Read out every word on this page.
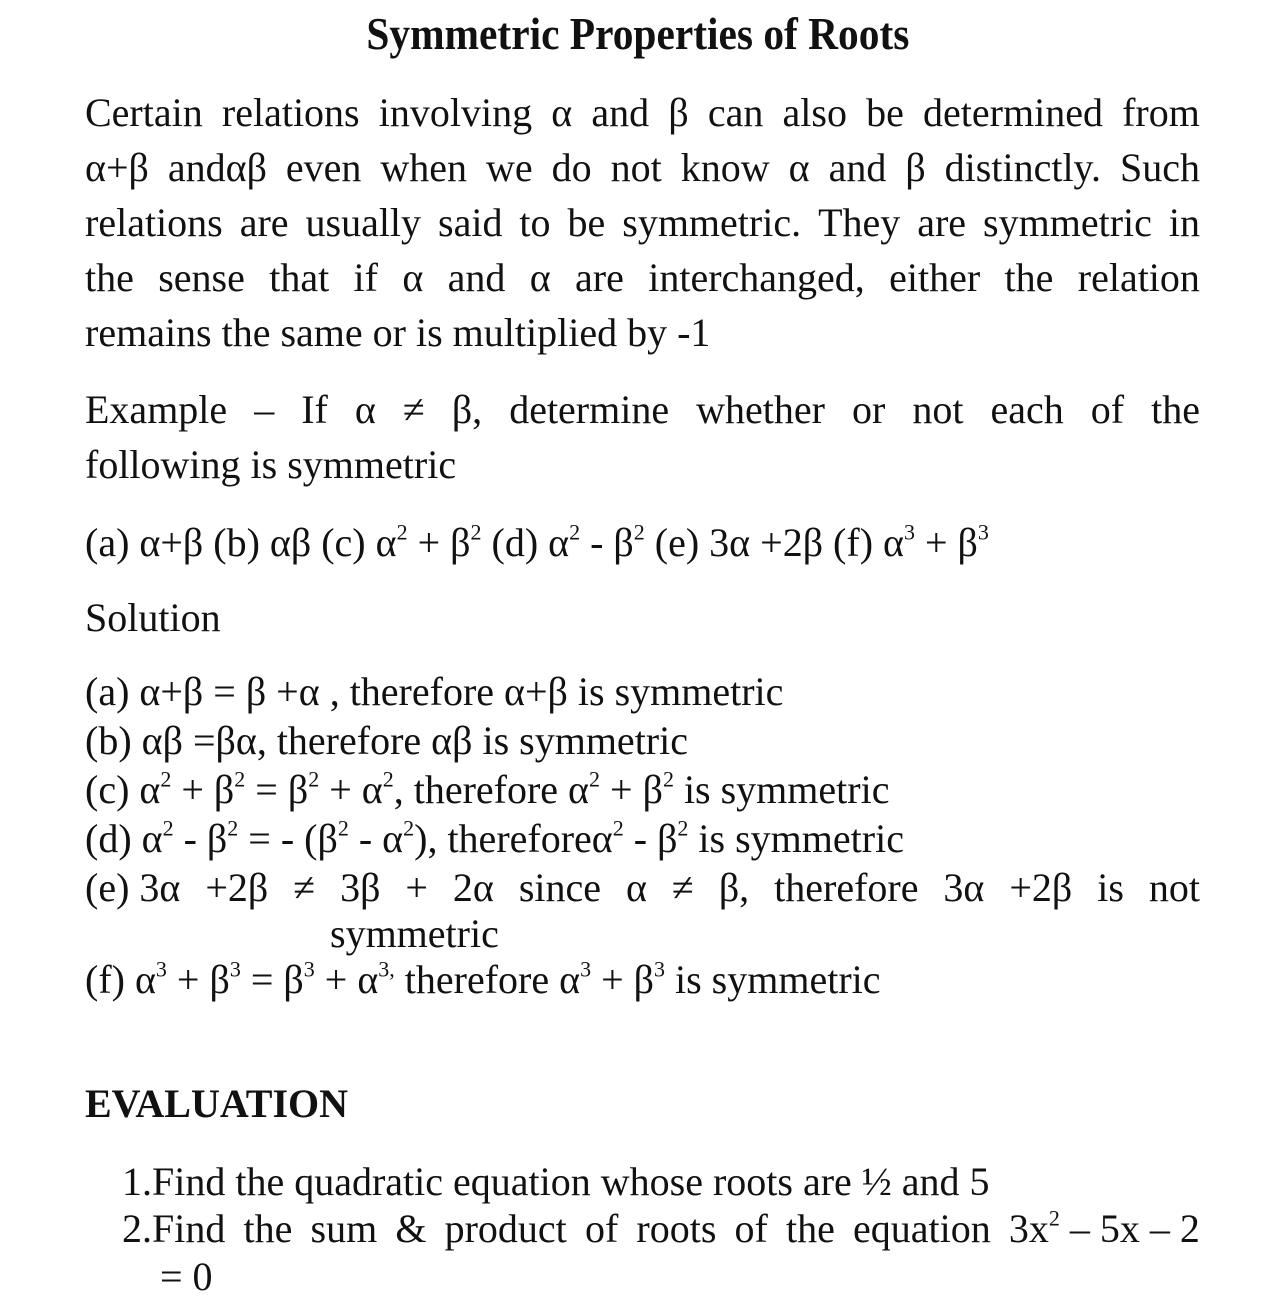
Symmetric Properties of Roots
Certain relations involving α and β can also be determined from
α+β andαβ even when we do not know α and β distinctly. Such
relations are usually said to be symmetric. They are symmetric in
the sense that if α and α are interchanged, either the relation
remains the same or is multiplied by -1
Example – If α ≠ β, determine whether or not each of the
following is symmetric
(a) α+β (b) αβ (c) $\alpha^2 + \beta^2$ (d) $\alpha^2 - \beta^2$ (e) 3α +2β (f) $\alpha^3 + \beta^3$
Solution
(a) α+β = β +α , therefore α+β is symmetric
(b) αβ =βα, therefore αβ is symmetric
(c) $\alpha^2 + \beta^2 = \beta^2 + \alpha^2$, therefore $\alpha^2 + \beta^2$ is symmetric
(d) $\alpha^2 - \beta^2$ = - $(\beta^2 - \alpha^2)$, thereforeα$^2$ - $\beta^2$ is symmetric
(e) 3α +2β ≠ 3β + 2α since α ≠ β, therefore 3α +2β is not
symmetric
(f) $\alpha^3 + \beta^3 = \beta^3 + \alpha^{3,}$ therefore $\alpha^3 + \beta^3$ is symmetric
EVALUATION
1.Find the quadratic equation whose roots are ½ and 5
2.Find the sum & product of roots of the equation $3x^2 - 5x - 2$
= 0
